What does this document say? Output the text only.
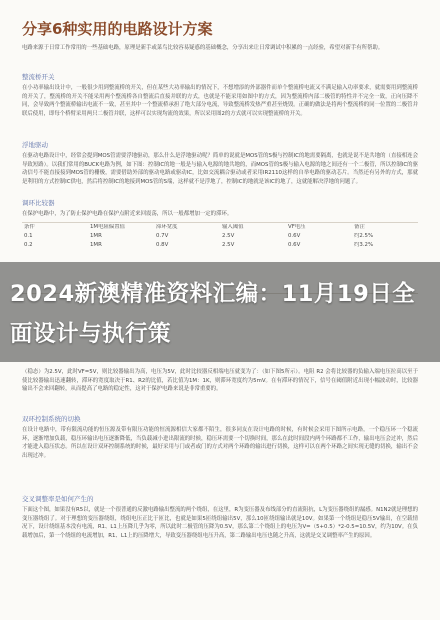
分享6种实用的电路设计方案

电路来源于日常工作常用的一些基础电路，原理是新手或菜鸟比较容易疑惑的基础概念，分享出来让日常调试中积累的一点经验，希望对新手有所帮助。

整流桥开关

在小功率输出设计中，一般很少用到整流桥的开关，但在某些大功率输出的情况下，不想增添的外部器件而单个整流桥电流又不满足输入功率要求，就需要用到整流桥的开关了，整流桥的开关不能采用两个整流桥各自整流后直接并联的方式，也就是不能采用如图中的方式，因为整流桥内部二极管的特性并不完全一致，正向压降不同，会导致两个整流桥输出电流不一致，甚至其中一个整流桥承担了绝大部分电流，导致整流桥发热严重甚至烧毁。正确的做法是将两个整流桥的同一位置的二极管并联后使用，即每个桥臂采用两只二极管并联，这样可以实现均流的效果，所以采用图2的方式就可以实现整流桥的开关。

浮地驱动

在驱动电路设计中，经常会提到MOS管需要浮地驱动，那么什么是浮地驱动呢？简单的说就是MOS管的S极与控制IC的地需要隔离，也就是说不是共地的（直接相连会导致短路）。以我们常用的BUCK电路为例，如下图：控制IC的地一般是与输入电源的地共地的，而MOS管的S极与输入电源的地之间还有一个二极管，所以控制IC的驱动信号不能直接接到MOS管的栅极，需要借助外部的驱动电路或驱动IC，比如交流耦合驱动或者采用IR2110这样的自举电路的驱动芯片。当然还有另外的方式，那就是利用的方式控制IC供电，然后将控制IC的地接到MOS管的S端，这样就不是浮地了，控制IC的地就是该IC的地了，这就能解决浮地的问题了。

调环比较器

在保护电路中，为了防止保护电路在保护点附近来回震荡，所以一般都增加一定的滞环。

条件	1M电阻偏置值	滞环宽度	输入阈值	VF电压	备注
0.1	1MR	0.7V	2.5V	0.6V	约2.5%
0.2	1MR	0.8V	2.5V	0.6V	约3.2%

（稳态）为2.5V，此时VF=5V，则比较器输出为高，电压为5V，此时比较器反相端电压就变为了：（如下图5所示）。电阻 R2 会将比较器的负输入端电压拉高以至于使比较器输出迅速翻转，滞环的宽度取决于R1、R2的比值，若比值为1M：1K，则滞环宽度约为5mV。在有滞环的情况下，信号在阈值附近出现小幅波动时，比较器输出不会来回翻转，从而提高了电路的稳定性，这对于保护电路来说是非常重要的。

双环控制系统的切换

在设计电路中，带有限流功能的恒压源及带有限压功能的恒流源相信大家都不陌生，很多同友在设计电路的时候，有时候会采用下图所示电路，一个稳压环一个稳流环，逐渐增加负载，稳压环输出电压逐渐降低，当负载减小进出限流的时候，稳压环需要一个切换时间，那么在此时间段内两个环路都不工作，输出电压会过冲，然后才能进入稳压状态。所以在设计双环控制系统的时候，最好采用与门或者或门的方式对两个环路的输出进行切换，这样可以在两个环路之间实现无缝的切换，输出不会出现过冲。

交叉调整率是如何产生的

下面这个图，如果没有R5以，就是一个很普通的反激电路输出整流的两个绕组，在这里，R为变压器及布线部分的直流阻抗，L为变压器绕组的漏感。N1N2就是理想的变压器绕组了。对于理想的变压器绕组，绕组电压正比于匝比，也就是如果5匝绕组输出5V，那么10匝绕组输出就是10V。如果第一个绕组是稳压5V输出，在空载情况下，设计绕组基本没有电流，R1、L1上压降几乎为零，所以此时二极管的压降为0.5V，那么第二个绕组上的电压为V=（5+0.5）*2-0.5=10.5V，约为10V。在负载增加后，第一个绕组的电流增加，R1、L1上的压降增大，导致变压器绕组电压升高，第二路输出电压也随之升高，这就是交叉调整率产生的原因。

2024新澳精准资料汇编：11月19日全面设计与执行策
